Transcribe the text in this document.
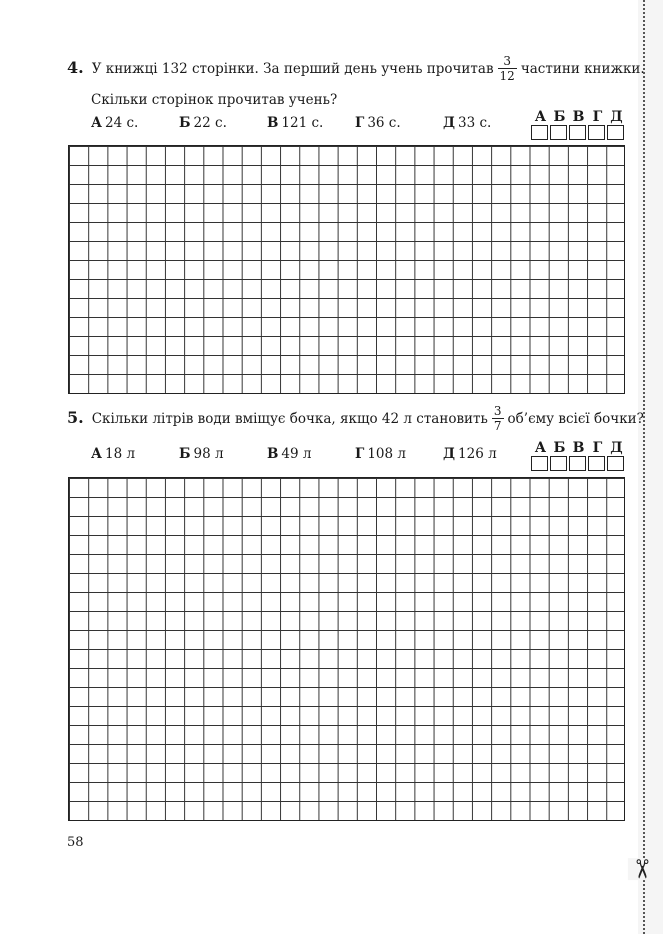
4. У книжці 132 сторінки. За перший день учень прочитав $\frac{3}{12}$ частини книжки.
Скільки сторінок прочитав учень?
А 24 с.	Б 22 с.	В 121 с. Г 36 с.	Д 33 с.	А Б В Г Д
5. Скільки літрів води вміщує бочка, якщо 42 л становить $\frac{3}{7}$ об’єму всієї бочки?
А 18 л	Б 98 л	В 49 л	Г 108 л	Д 126 л	А Б В Г Д
58
✂
